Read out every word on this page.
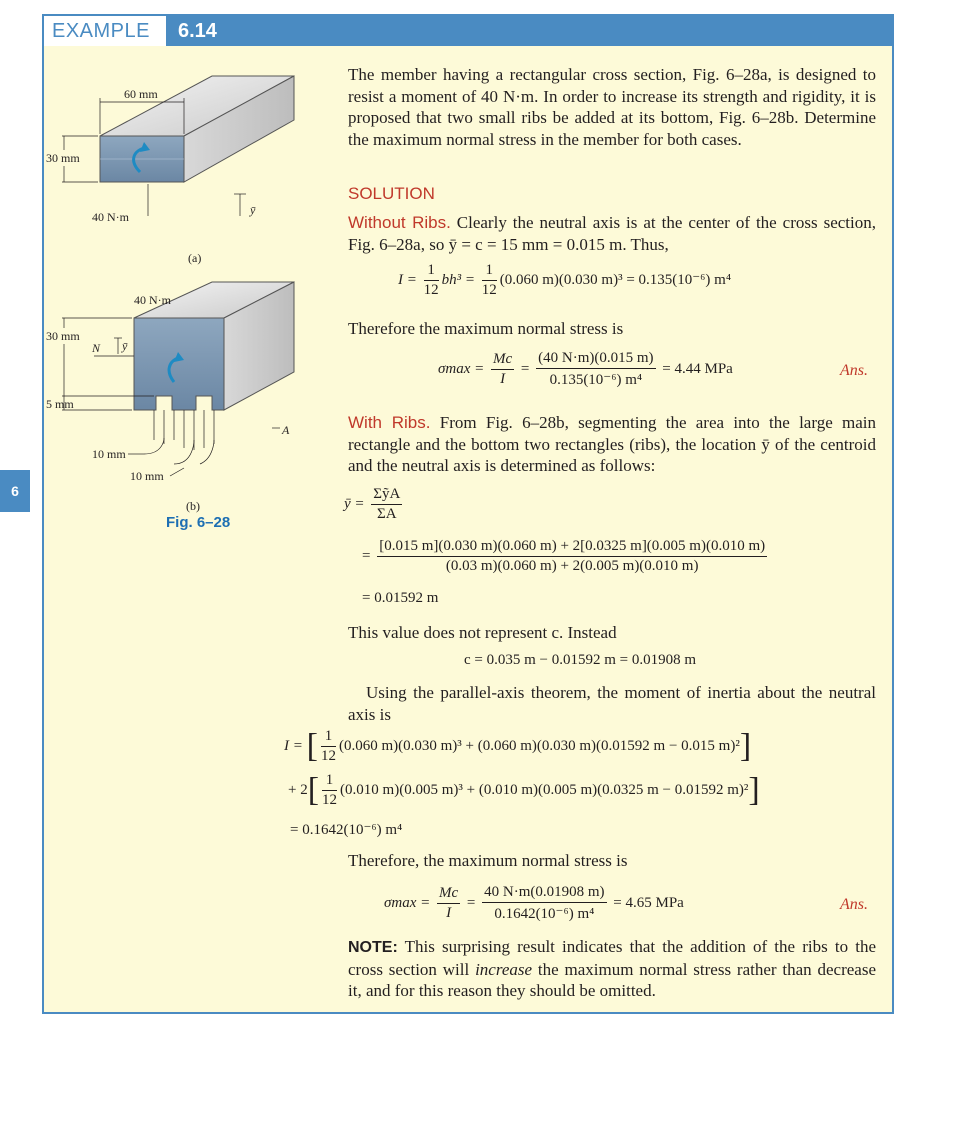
EXAMPLE	6.14
60 mm
30 mm
40 N·m	ȳ
(a)
A
30 mm
5 mm
N ȳ
40 N·m
10 mm
10 mm
(b)
Fig. 6–28
The member having a rectangular cross section, Fig. 6–28a, is designed to resist a moment of 40 N·m. In order to increase its strength and rigidity, it is proposed that two small ribs be added at its bottom, Fig. 6–28b. Determine the maximum normal stress in the member for both cases.
SOLUTION
Without Ribs. Clearly the neutral axis is at the center of the cross section, Fig. 6–28a, so ȳ = c = 15 mm = 0.015 m. Thus,
$I = \frac{1}{12} bh^3 = \frac{1}{12} (0.060$ m)(0.030 m)³ = 0.135(10⁻⁶) m⁴
Therefore the maximum normal stress is
$\sigma\max = \frac{Mc}{I} = \frac{(40 N\cdot m)(0.015 m)}{\text{0.135(10⁻⁶) m⁴}} = 4.44$ MPa	Ans.
With Ribs. From Fig. 6–28b, segmenting the area into the large main rectangle and the bottom two rectangles (ribs), the location ȳ of the centroid and the neutral axis is determined as follows:
ȳ = $\frac{\text{ΣỹA}}{\Sigma A}$
= $\frac{[0.015 m](0.030 m)(0.060 m) + 2[0.0325 m](0.005 m)(0.010 m)}{(0.03 m)(0.060 m) + 2(0.005 m)(0.010 m)}$
= 0.01592 m
This value does not represent c. Instead
c = 0.035 m − 0.01592 m = 0.01908 m
Using the parallel-axis theorem, the moment of inertia about the neutral axis is
I = [ $\frac{1}{12} (0.060$ m)(0.030 m)³ + (0.060 m)(0.030 m)(0.01592 m − 0.015 m)²]
+ $2[ \frac{1}{12} (0.010$ m)(0.005 m)³ + (0.010 m)(0.005 m)(0.0325 m − 0.01592 m)²]
= 0.1642(10⁻⁶) m⁴
Therefore, the maximum normal stress is
$\sigma\max = \frac{Mc}{I} = \frac{40 N\cdot m(0.01908 m)}{\text{0.1642(10⁻⁶) m⁴}} = 4.65$ MPa	Ans.
NOTE: This surprising result indicates that the addition of the ribs to the cross section will increase the maximum normal stress rather than decrease it, and for this reason they should be omitted.
6
